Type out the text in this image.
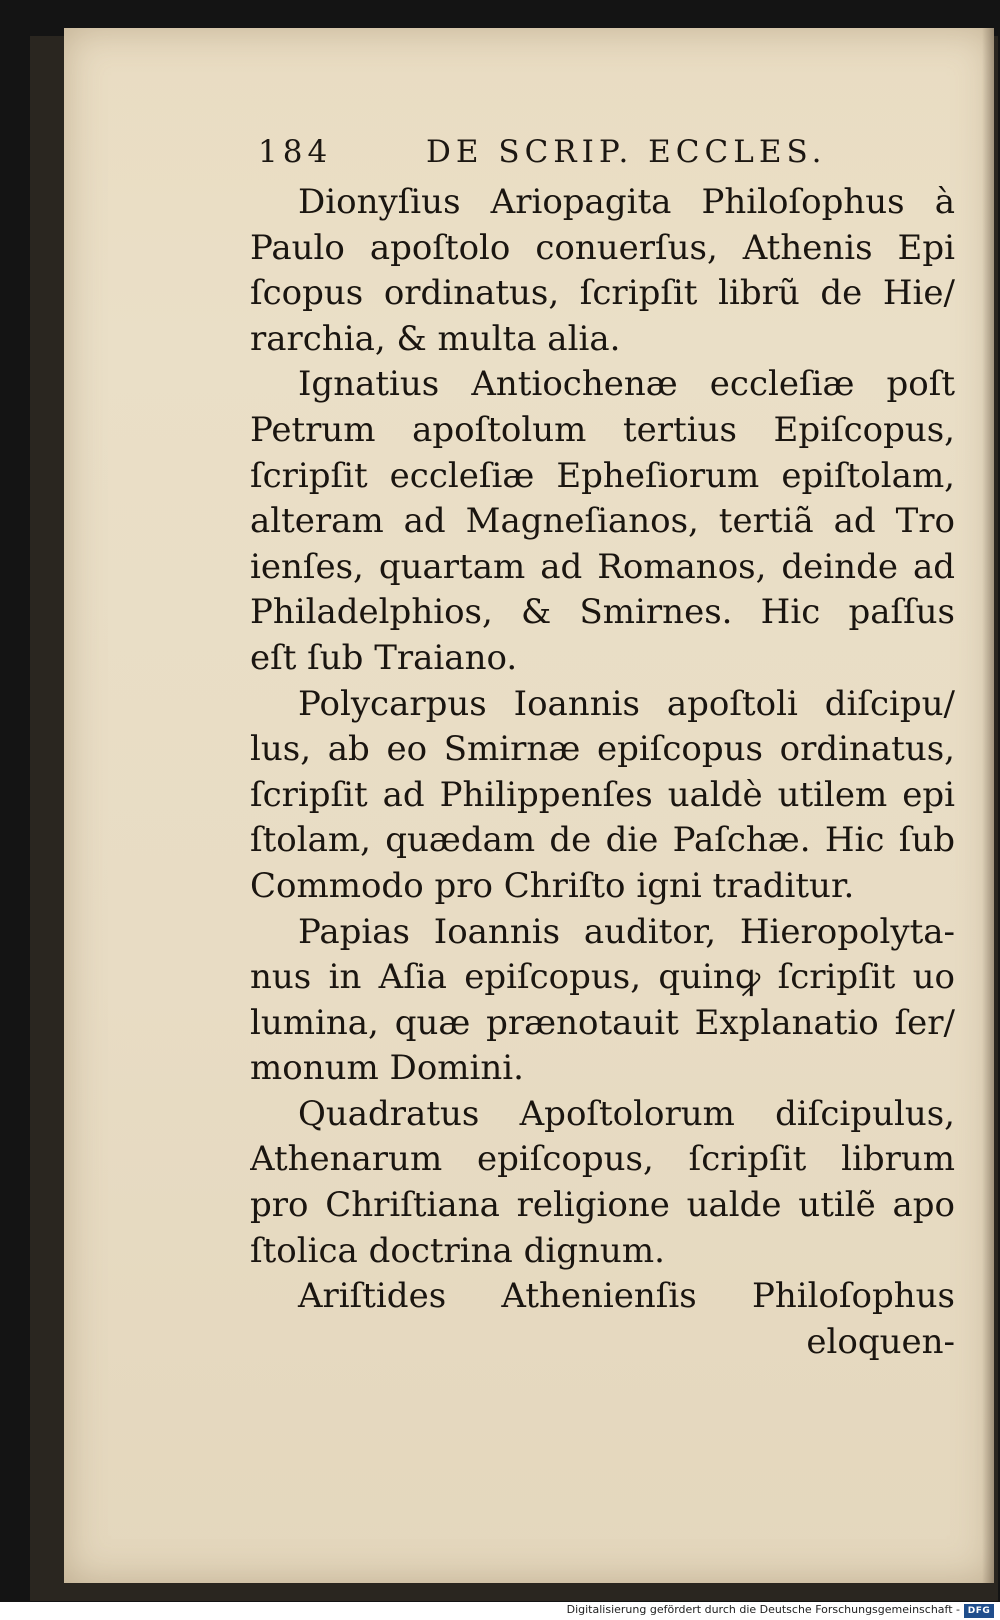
184	DE SCRIP. ECCLES.
Dionyſius Ariopagita Philoſophus à
Paulo apoſtolo conuerſus, Athenis Epi
ſcopus ordinatus, ſcripſit librũ de Hie/
rarchia, & multa alia.
Ignatius Antiochenæ eccleſiæ poſt
Petrum apoſtolum tertius Epiſcopus,
ſcripſit eccleſiæ Epheſiorum epiſtolam,
alteram ad Magneſianos, tertiã ad Tro
ienſes, quartam ad Romanos, deinde ad
Philadelphios, & Smirnes. Hic paſſus
eſt ſub Traiano.
Polycarpus Ioannis apoſtoli diſcipu/
lus, ab eo Smirnæ epiſcopus ordinatus,
ſcripſit ad Philippenſes ualdè utilem epi
ſtolam, quædam de die Paſchæ. Hic ſub
Commodo pro Chriſto igni traditur.
Papias Ioannis auditor, Hieropolyta-
nus in Aſia epiſcopus, quinꝙ ſcripſit uo
lumina, quæ prænotauit Explanatio ſer/
monum Domini.
Quadratus Apoſtolorum diſcipulus,
Athenarum epiſcopus, ſcripſit librum
pro Chriſtiana religione ualde utilẽ apo
ſtolica doctrina dignum.
Ariſtides Athenienſis Philoſophus
eloquen-
Digitalisierung gefördert durch die Deutsche Forschungsgemeinschaft - DFG
